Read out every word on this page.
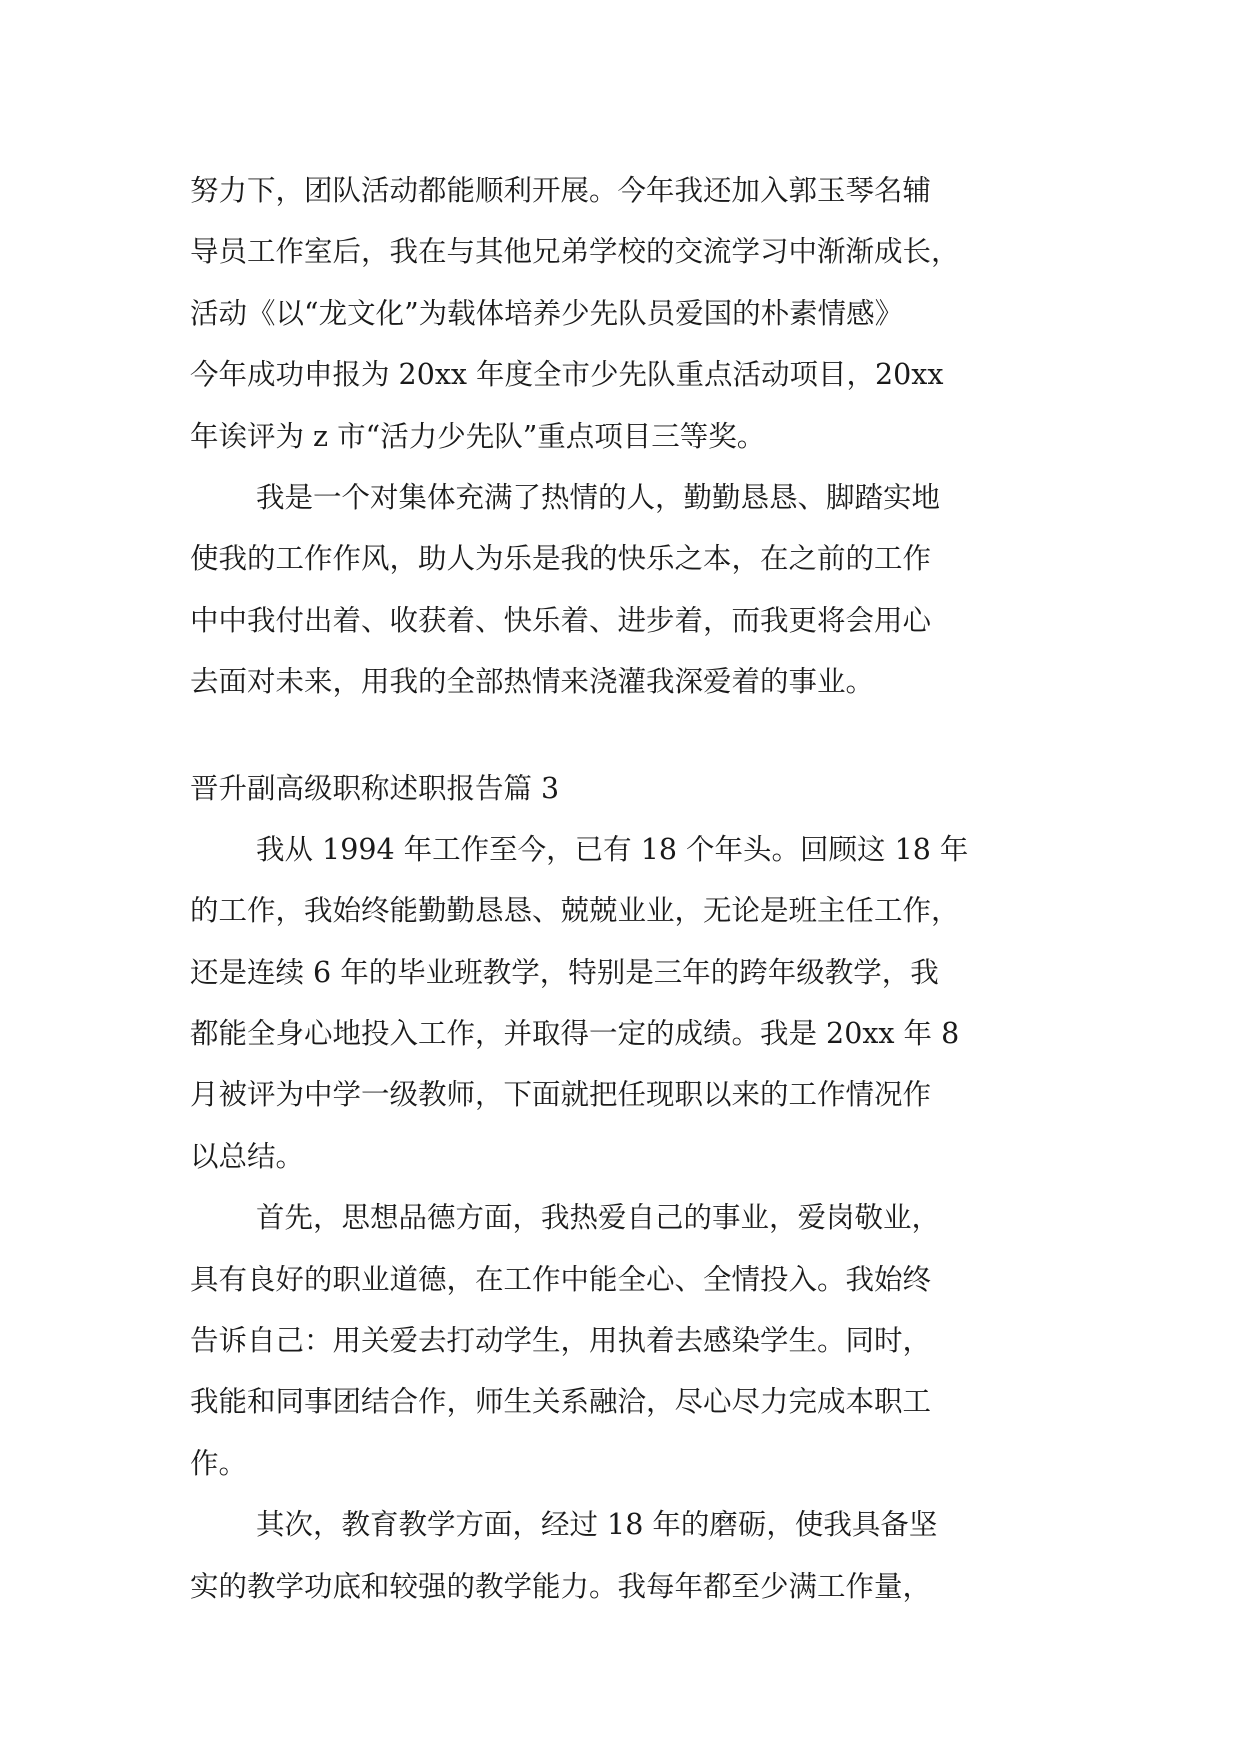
努力下，团队活动都能顺利开展。今年我还加入郭玉琴名辅
导员工作室后，我在与其他兄弟学校的交流学习中渐渐成长，
活动《以“龙文化”为载体培养少先队员爱国的朴素情感》
今年成功申报为 20xx 年度全市少先队重点活动项目，20xx
年诶评为 z 市“活力少先队”重点项目三等奖。
我是一个对集体充满了热情的人，勤勤恳恳、脚踏实地
使我的工作作风，助人为乐是我的快乐之本，在之前的工作
中中我付出着、收获着、快乐着、进步着，而我更将会用心
去面对未来，用我的全部热情来浇灌我深爱着的事业。
晋升副高级职称述职报告篇 3
我从 1994 年工作至今，已有 18 个年头。回顾这 18 年
的工作，我始终能勤勤恳恳、兢兢业业，无论是班主任工作，
还是连续 6 年的毕业班教学，特别是三年的跨年级教学，我
都能全身心地投入工作，并取得一定的成绩。我是 20xx 年 8
月被评为中学一级教师，下面就把任现职以来的工作情况作
以总结。
首先，思想品德方面，我热爱自己的事业，爱岗敬业，
具有良好的职业道德，在工作中能全心、全情投入。我始终
告诉自己：用关爱去打动学生，用执着去感染学生。同时，
我能和同事团结合作，师生关系融洽，尽心尽力完成本职工
作。
其次，教育教学方面，经过 18 年的磨砺，使我具备坚
实的教学功底和较强的教学能力。我每年都至少满工作量，
